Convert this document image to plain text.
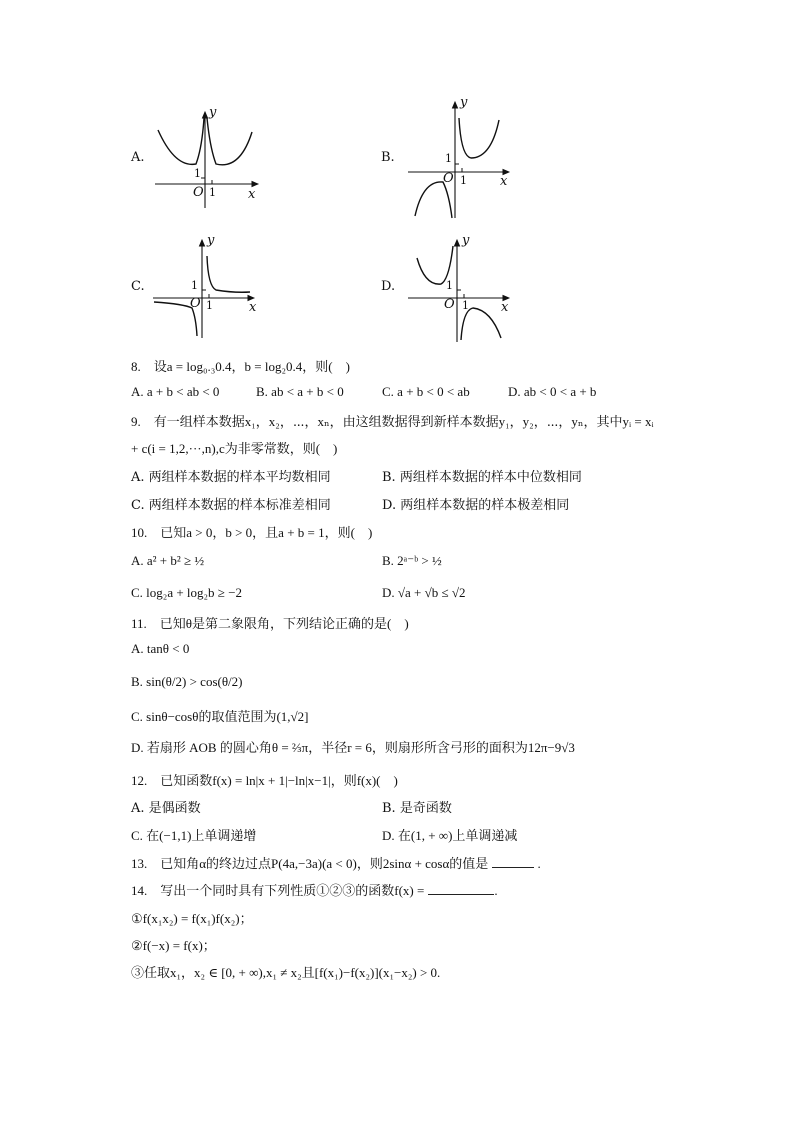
A.
y
x
O
1
1
B.
y
x
O
1
1
C.
y
x
O
1
1
D.
y
x
O
1
1
8.　设a = log₀.₃0.4，b = log₂0.4，则(　)
A. a + b < ab < 0	B. ab < a + b < 0	C. a + b < 0 < ab	D. ab < 0 < a + b
9.　有一组样本数据x₁，x₂，⋯，xₙ，由这组数据得到新样本数据y₁，y₂，⋯，yₙ，其中yᵢ = xᵢ
+ c(i = 1,2,···,n),c为非零常数，则(　)
A. 两组样本数据的样本平均数相同	B. 两组样本数据的样本中位数相同
C. 两组样本数据的样本标准差相同	D. 两组样本数据的样本极差相同
10.　已知a > 0，b > 0，且a + b = 1，则(　)
A. a² + b² ≥ ½	B. 2ᵃ⁻ᵇ > ½
C. log₂a + log₂b ≥ −2	D. √a + √b ≤ √2
11.　已知θ是第二象限角，下列结论正确的是(　)
A. tanθ < 0
B. sin(θ/2) > cos(θ/2)
C. sinθ−cosθ的取值范围为(1,√2]
D. 若扇形 AOB 的圆心角θ = ⅔π，半径r = 6，则扇形所含弓形的面积为12π−9√3
12.　已知函数f(x) = ln|x + 1|−ln|x−1|，则f(x)(　)
A. 是偶函数	B. 是奇函数
C. 在(−1,1)上单调递增	D. 在(1, + ∞)上单调递减
13.　已知角α的终边过点P(4a,−3a)(a < 0)，则2sinα + cosα的值是	.
14.　写出一个同时具有下列性质①②③的函数f(x) =	.
①f(x₁x₂) = f(x₁)f(x₂)；
②f(−x) = f(x)；
③任取x₁，x₂ ∈ [0, + ∞),x₁ ≠ x₂且[f(x₁)−f(x₂)](x₁−x₂) > 0.
